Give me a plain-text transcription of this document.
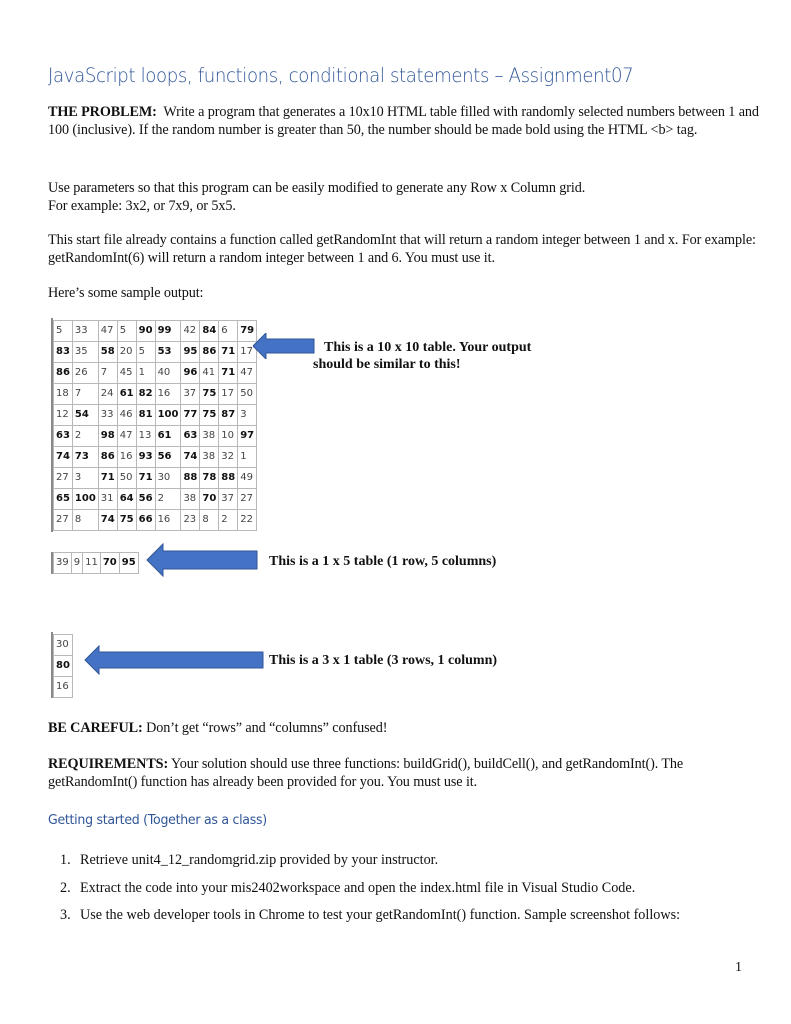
JavaScript loops, functions, conditional statements – Assignment07
THE PROBLEM: Write a program that generates a 10x10 HTML table filled with randomly selected numbers between 1 and 100 (inclusive). If the random number is greater than 50, the number should be made bold using the HTML <b> tag.
Use parameters so that this program can be easily modified to generate any Row x Column grid.
For example: 3x2, or 7x9, or 5x5.
This start file already contains a function called getRandomInt that will return a random integer between 1 and x. For example: getRandomInt(6) will return a random integer between 1 and 6. You must use it.
Here’s some sample output:
5	33	47	5	90	99	42	84	6	79
83	35	58	20	5	53	95	86	71	17
86	26	7	45	1	40	96	41	71	47
18	7	24	61	82	16	37	75	17	50
12	54	33	46	81	100	77	75	87	3
63	2	98	47	13	61	63	38	10	97
74	73	86	16	93	56	74	38	32	1
27	3	71	50	71	30	88	78	88	49
65	100	31	64	56	2	38	70	37	27
27	8	74	75	66	16	23	8	2	22
This is a 10 x 10 table. Your output
should be similar to this!
39	9	11	70	95	This is a 1 x 5 table (1 row, 5 columns)
30
80
16
This is a 3 x 1 table (3 rows, 1 column)
BE CAREFUL: Don’t get “rows” and “columns” confused!
REQUIREMENTS: Your solution should use three functions: buildGrid(), buildCell(), and getRandomInt(). The getRandomInt() function has already been provided for you. You must use it.
Getting started (Together as a class)
1. Retrieve unit4_12_randomgrid.zip provided by your instructor.
2. Extract the code into your mis2402workspace and open the index.html file in Visual Studio Code.
3. Use the web developer tools in Chrome to test your getRandomInt() function. Sample screenshot follows:
1
